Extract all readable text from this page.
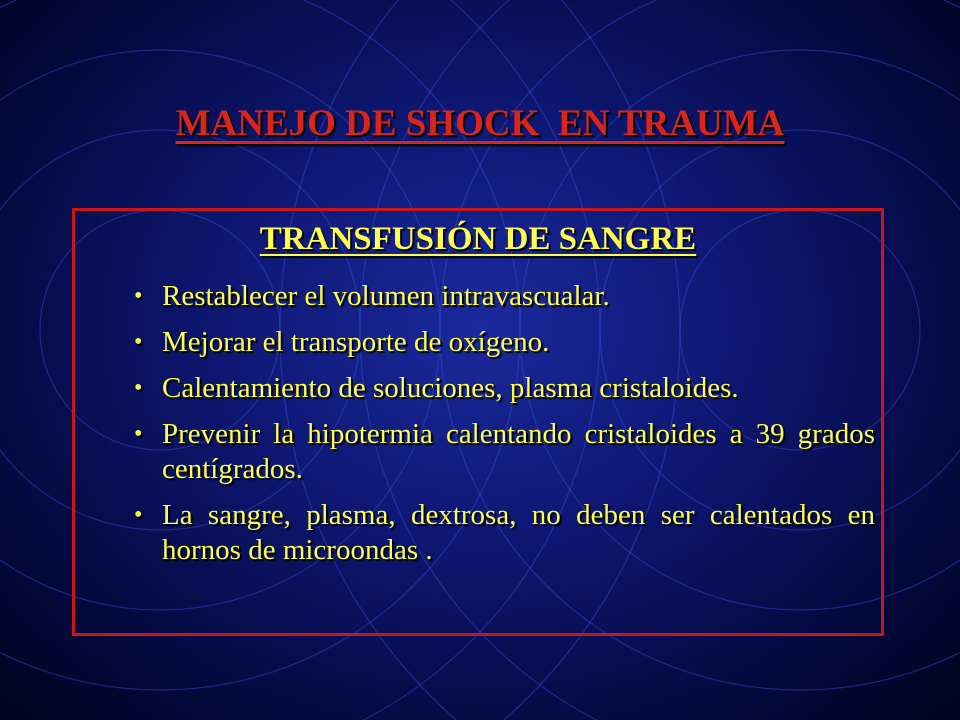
MANEJO DE SHOCK  EN TRAUMA
TRANSFUSIÓN DE SANGRE
• Restablecer el volumen intravascualar.
• Mejorar el transporte de oxígeno.
• Calentamiento de soluciones, plasma cristaloides.
• Prevenir la hipotermia calentando cristaloides a 39 grados centígrados.
• La sangre, plasma, dextrosa, no deben ser calentados en hornos de microondas .
